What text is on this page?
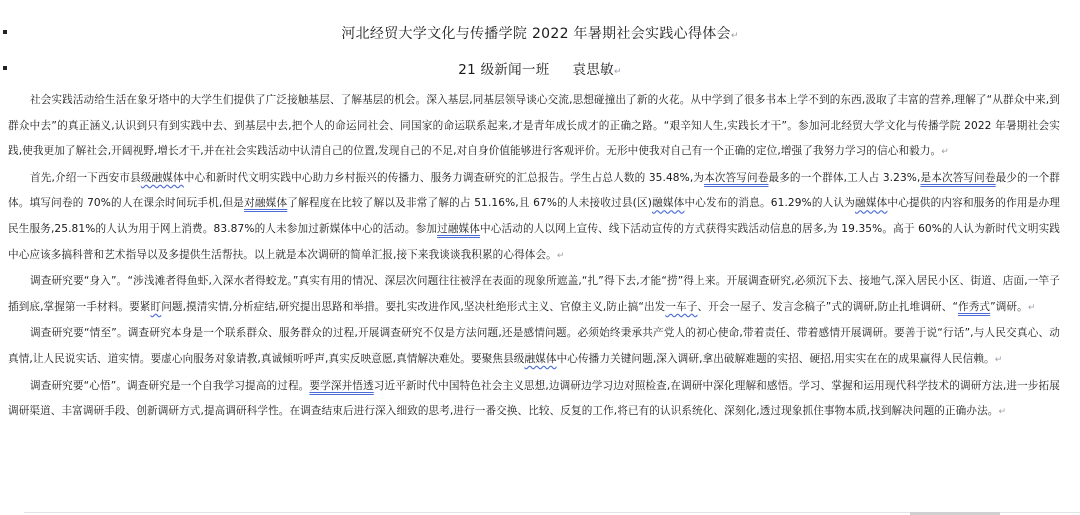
河北经贸大学文化与传播学院 2022 年暑期社会实践心得体会↵
21 级新闻一班     袁思敏↵

社会实践活动给生活在象牙塔中的大学生们提供了广泛接触基层、了解基层的机会。深入基层,同基层领导谈心交流,思想碰撞出了新的火花。从中学到了很多书本上学不到的东西,汲取了丰富的营养,理解了“从群众中来,到群众中去”的真正涵义,认识到只有到实践中去、到基层中去,把个人的命运同社会、同国家的命运联系起来,才是青年成长成才的正确之路。“艰辛知人生,实践长才干”。参加河北经贸大学文化与传播学院 2022 年暑期社会实践,使我更加了解社会,开阔视野,增长才干,并在社会实践活动中认清自己的位置,发现自己的不足,对自身价值能够进行客观评价。无形中使我对自己有一个正确的定位,增强了我努力学习的信心和毅力。↵

首先,介绍一下西安市县级融媒体中心和新时代文明实践中心助力乡村振兴的传播力、服务力调查研究的汇总报告。学生占总人数的 35.48%,为本次答写问卷最多的一个群体,工人占 3.23%,是本次答写问卷最少的一个群体。填写问卷的 70%的人在课余时间玩手机,但是对融媒体了解程度在比较了解以及非常了解的占 51.16%,且 67%的人未接收过县(区)融媒体中心发布的消息。61.29%的人认为融媒体中心提供的内容和服务的作用是办理民生服务,25.81%的人认为用于网上消费。83.87%的人未参加过新媒体中心的活动。参加过融媒体中心活动的人以网上宣传、线下活动宣传的方式获得实践活动信息的居多,为 19.35%。高于 60%的人认为新时代文明实践中心应该多搞科普和艺术指导以及多提供生活帮扶。以上就是本次调研的简单汇报,接下来我谈谈我积累的心得体会。↵

调查研究要“身入”。“涉浅滩者得鱼虾,入深水者得蛟龙。”真实有用的情况、深层次问题往往被浮在表面的现象所遮盖,“扎”得下去,才能“捞”得上来。开展调查研究,必须沉下去、接地气,深入居民小区、街道、店面,一竿子插到底,掌握第一手材料。要紧盯问题,摸清实情,分析症结,研究提出思路和举措。要扎实改进作风,坚决杜绝形式主义、官僚主义,防止搞“出发一车子、开会一屋子、发言念稿子”式的调研,防止扎堆调研、“作秀式”调研。↵

调查研究要“情至”。调查研究本身是一个联系群众、服务群众的过程,开展调查研究不仅是方法问题,还是感情问题。必须始终秉承共产党人的初心使命,带着责任、带着感情开展调研。要善于说“行话”,与人民交真心、动真情,让人民说实话、道实情。要虚心向服务对象请教,真诚倾听呼声,真实反映意愿,真情解决难处。要聚焦县级融媒体中心传播力关键问题,深入调研,拿出破解难题的实招、硬招,用实实在在的成果赢得人民信赖。↵

调查研究要“心悟”。调查研究是一个自我学习提高的过程。要学深并悟透习近平新时代中国特色社会主义思想,边调研边学习边对照检查,在调研中深化理解和感悟。学习、掌握和运用现代科学技术的调研方法,进一步拓展调研渠道、丰富调研手段、创新调研方式,提高调研科学性。在调查结束后进行深入细致的思考,进行一番交换、比较、反复的工作,将已有的认识系统化、深刻化,透过现象抓住事物本质,找到解决问题的正确办法。↵
